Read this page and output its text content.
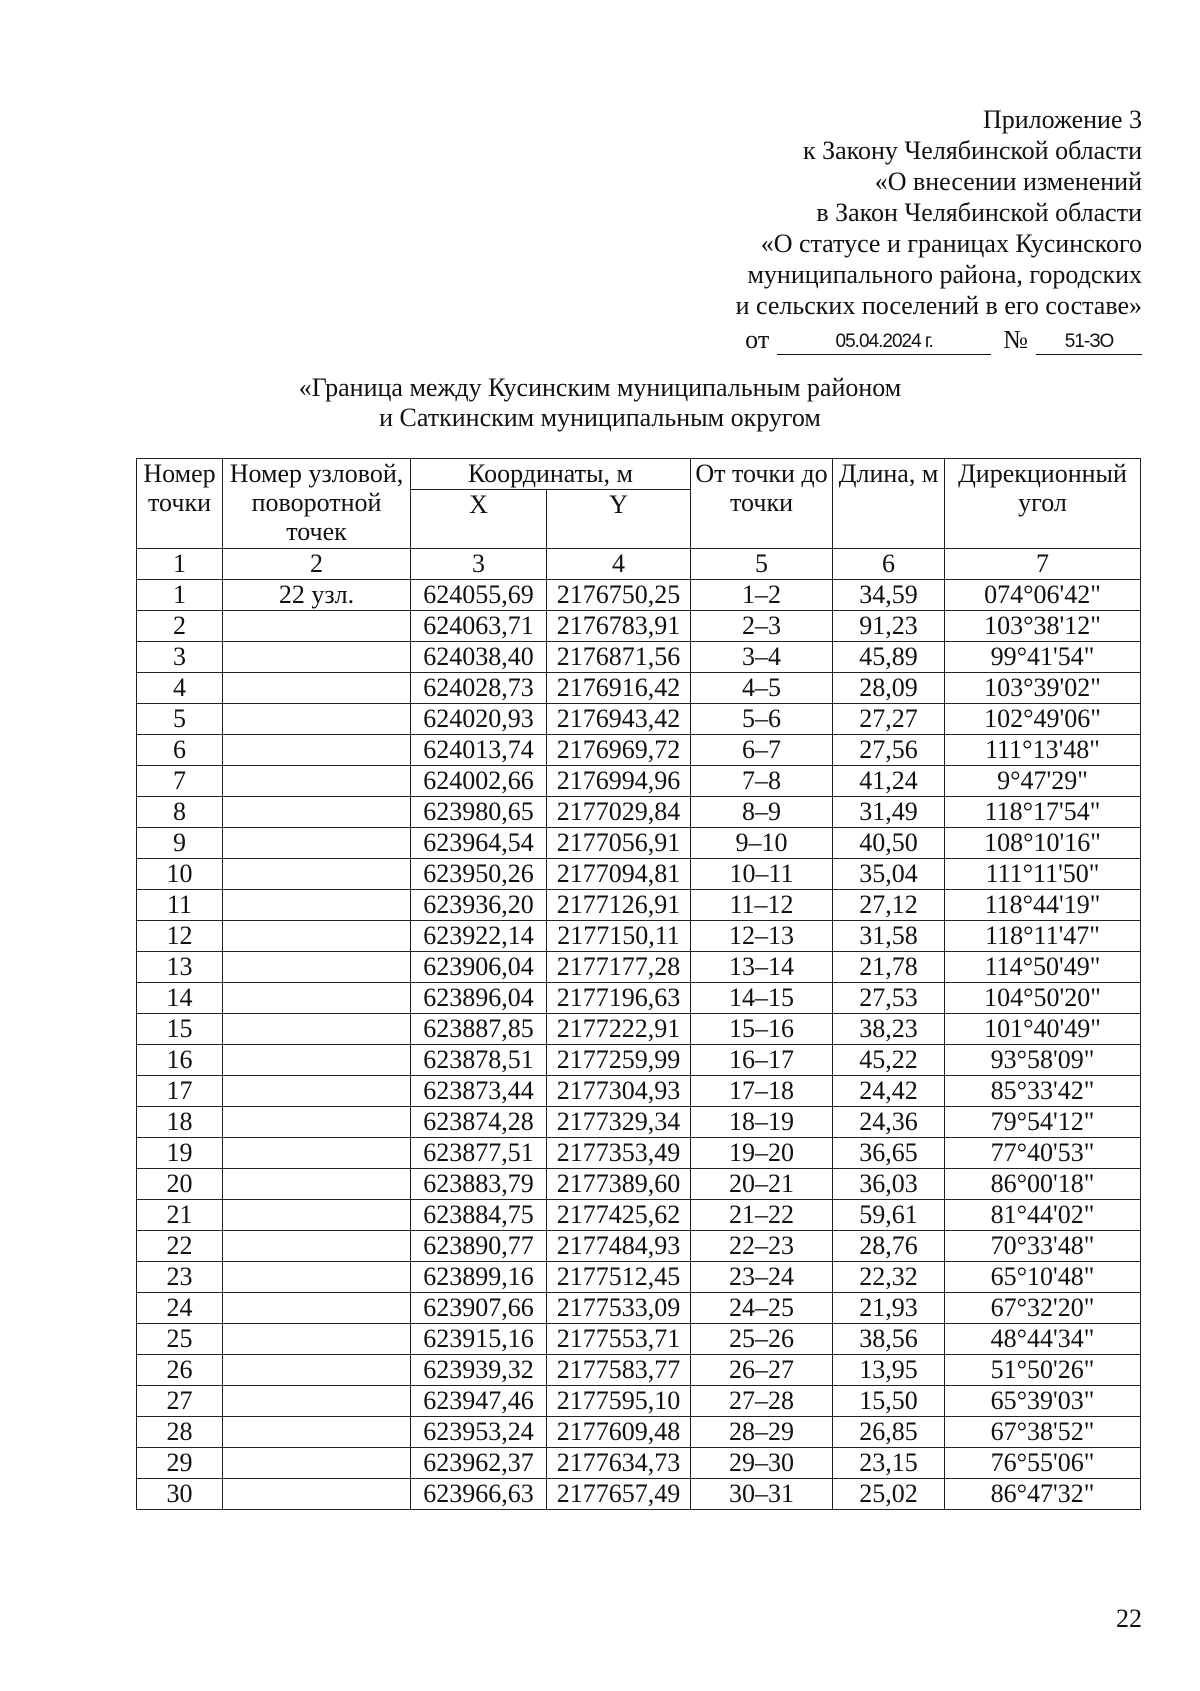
Приложение 3
к Закону Челябинской области
«О внесении изменений
в Закон Челябинской области
«О статусе и границах Кусинского
муниципального района, городских
и сельских поселений в его составе»
от	05.04.2024 г.	№	51-ЗО
«Граница между Кусинским муниципальным районом
и Саткинским муниципальным округом
Номер точки	Номер узловой, поворотной точек	Координаты, м		От точки до точки	Длина, м	Дирекционный угол
		X	Y			
1	2	3	4	5	6	7
1	22 узл.	624055,69	2176750,25	1–2	34,59	074°06'42"
2		624063,71	2176783,91	2–3	91,23	103°38'12"
3		624038,40	2176871,56	3–4	45,89	99°41'54"
4		624028,73	2176916,42	4–5	28,09	103°39'02"
5		624020,93	2176943,42	5–6	27,27	102°49'06"
6		624013,74	2176969,72	6–7	27,56	111°13'48"
7		624002,66	2176994,96	7–8	41,24	9°47'29"
8		623980,65	2177029,84	8–9	31,49	118°17'54"
9		623964,54	2177056,91	9–10	40,50	108°10'16"
10		623950,26	2177094,81	10–11	35,04	111°11'50"
11		623936,20	2177126,91	11–12	27,12	118°44'19"
12		623922,14	2177150,11	12–13	31,58	118°11'47"
13		623906,04	2177177,28	13–14	21,78	114°50'49"
14		623896,04	2177196,63	14–15	27,53	104°50'20"
15		623887,85	2177222,91	15–16	38,23	101°40'49"
16		623878,51	2177259,99	16–17	45,22	93°58'09"
17		623873,44	2177304,93	17–18	24,42	85°33'42"
18		623874,28	2177329,34	18–19	24,36	79°54'12"
19		623877,51	2177353,49	19–20	36,65	77°40'53"
20		623883,79	2177389,60	20–21	36,03	86°00'18"
21		623884,75	2177425,62	21–22	59,61	81°44'02"
22		623890,77	2177484,93	22–23	28,76	70°33'48"
23		623899,16	2177512,45	23–24	22,32	65°10'48"
24		623907,66	2177533,09	24–25	21,93	67°32'20"
25		623915,16	2177553,71	25–26	38,56	48°44'34"
26		623939,32	2177583,77	26–27	13,95	51°50'26"
27		623947,46	2177595,10	27–28	15,50	65°39'03"
28		623953,24	2177609,48	28–29	26,85	67°38'52"
29		623962,37	2177634,73	29–30	23,15	76°55'06"
30		623966,63	2177657,49	30–31	25,02	86°47'32"
22
